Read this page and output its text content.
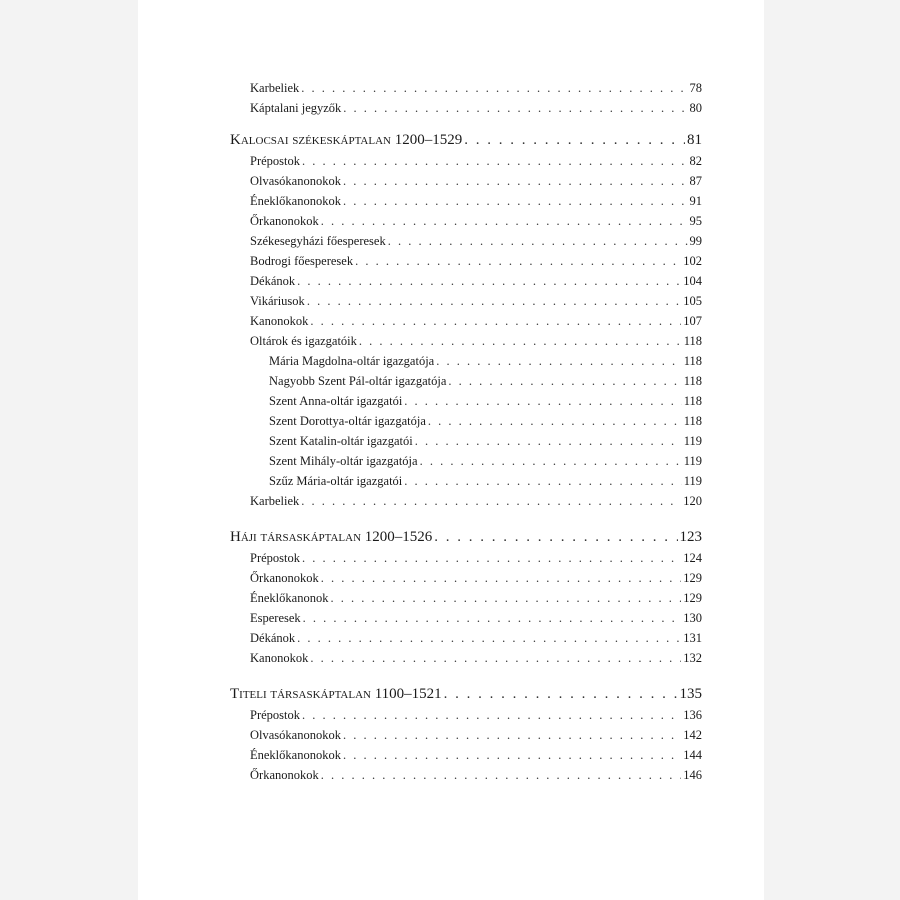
Karbeliek . . .	78
Káptalani jegyzők . . .	80
Kalocsai székeskáptalan 1200–1529 . . .	81
Prépostok . . .	82
Olvasókanonokok . . .	87
Éneklőkanonokok . . .	91
Őrkanonokok . . .	95
Székesegyházi főesperesek . . .	99
Bodrogi főesperesek . . .	102
Dékánok . . .	104
Vikáriusok . . .	105
Kanonokok . . .	107
Oltárok és igazgatóik . . .	118
Mária Magdolna-oltár igazgatója . . .	118
Nagyobb Szent Pál-oltár igazgatója . . .	118
Szent Anna-oltár igazgatói . . .	118
Szent Dorottya-oltár igazgatója . . .	118
Szent Katalin-oltár igazgatói . . .	119
Szent Mihály-oltár igazgatója . . .	119
Szűz Mária-oltár igazgatói . . .	119
Karbeliek . . .	120
Háji társaskáptalan 1200–1526 . . .	123
Prépostok . . .	124
Őrkanonokok . . .	129
Éneklőkanonok . . .	129
Esperesek . . .	130
Dékánok . . .	131
Kanonokok . . .	132
Titeli társaskáptalan 1100–1521 . . .	135
Prépostok . . .	136
Olvasókanonokok . . .	142
Éneklőkanonokok . . .	144
Őrkanonokok . . .	146
